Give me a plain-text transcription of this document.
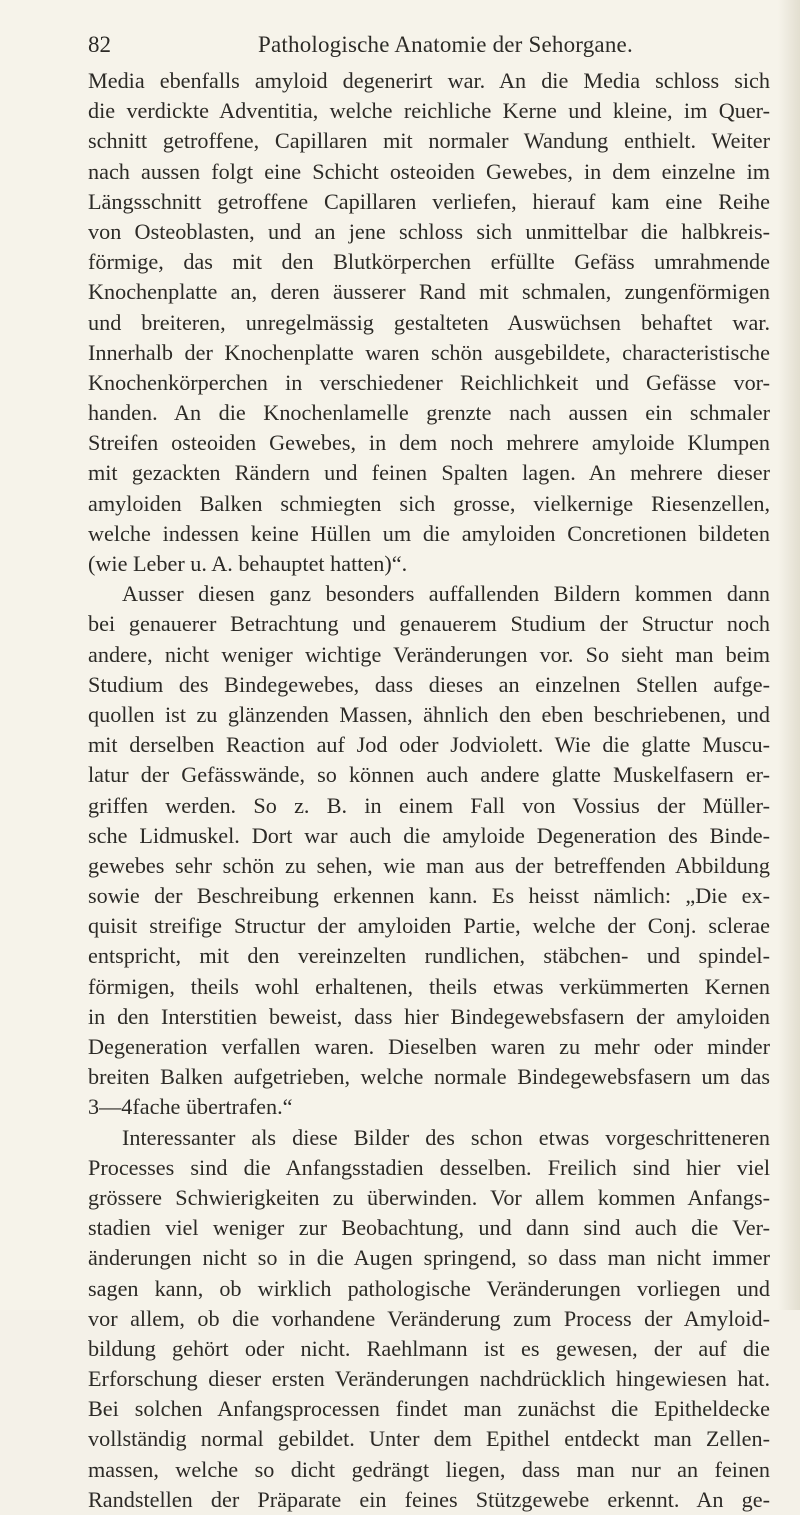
82	Pathologische Anatomie der Sehorgane.
Media ebenfalls amyloid degenerirt war. An die Media schloss sich
die verdickte Adventitia, welche reichliche Kerne und kleine, im Quer-
schnitt getroffene, Capillaren mit normaler Wandung enthielt. Weiter
nach aussen folgt eine Schicht osteoiden Gewebes, in dem einzelne im
Längsschnitt getroffene Capillaren verliefen, hierauf kam eine Reihe
von Osteoblasten, und an jene schloss sich unmittelbar die halbkreis-
förmige, das mit den Blutkörperchen erfüllte Gefäss umrahmende
Knochenplatte an, deren äusserer Rand mit schmalen, zungenförmigen
und breiteren, unregelmässig gestalteten Auswüchsen behaftet war.
Innerhalb der Knochenplatte waren schön ausgebildete, characteristische
Knochenkörperchen in verschiedener Reichlichkeit und Gefässe vor-
handen. An die Knochenlamelle grenzte nach aussen ein schmaler
Streifen osteoiden Gewebes, in dem noch mehrere amyloide Klumpen
mit gezackten Rändern und feinen Spalten lagen. An mehrere dieser
amyloiden Balken schmiegten sich grosse, vielkernige Riesenzellen,
welche indessen keine Hüllen um die amyloiden Concretionen bildeten
(wie Leber u. A. behauptet hatten)“.
Ausser diesen ganz besonders auffallenden Bildern kommen dann
bei genauerer Betrachtung und genauerem Studium der Structur noch
andere, nicht weniger wichtige Veränderungen vor. So sieht man beim
Studium des Bindegewebes, dass dieses an einzelnen Stellen aufge-
quollen ist zu glänzenden Massen, ähnlich den eben beschriebenen, und
mit derselben Reaction auf Jod oder Jodviolett. Wie die glatte Muscu-
latur der Gefässwände, so können auch andere glatte Muskelfasern er-
griffen werden. So z. B. in einem Fall von Vossius der Müller-
sche Lidmuskel. Dort war auch die amyloide Degeneration des Binde-
gewebes sehr schön zu sehen, wie man aus der betreffenden Abbildung
sowie der Beschreibung erkennen kann. Es heisst nämlich: „Die ex-
quisit streifige Structur der amyloiden Partie, welche der Conj. sclerae
entspricht, mit den vereinzelten rundlichen, stäbchen- und spindel-
förmigen, theils wohl erhaltenen, theils etwas verkümmerten Kernen
in den Interstitien beweist, dass hier Bindegewebsfasern der amyloiden
Degeneration verfallen waren. Dieselben waren zu mehr oder minder
breiten Balken aufgetrieben, welche normale Bindegewebsfasern um das
3—4fache übertrafen.“
Interessanter als diese Bilder des schon etwas vorgeschritteneren
Processes sind die Anfangsstadien desselben. Freilich sind hier viel
grössere Schwierigkeiten zu überwinden. Vor allem kommen Anfangs-
stadien viel weniger zur Beobachtung, und dann sind auch die Ver-
änderungen nicht so in die Augen springend, so dass man nicht immer
sagen kann, ob wirklich pathologische Veränderungen vorliegen und
vor allem, ob die vorhandene Veränderung zum Process der Amyloid-
bildung gehört oder nicht. Raehlmann ist es gewesen, der auf die
Erforschung dieser ersten Veränderungen nachdrücklich hingewiesen hat.
Bei solchen Anfangsprocessen findet man zunächst die Epitheldecke
vollständig normal gebildet. Unter dem Epithel entdeckt man Zellen-
massen, welche so dicht gedrängt liegen, dass man nur an feinen
Randstellen der Präparate ein feines Stützgewebe erkennt. An ge-
